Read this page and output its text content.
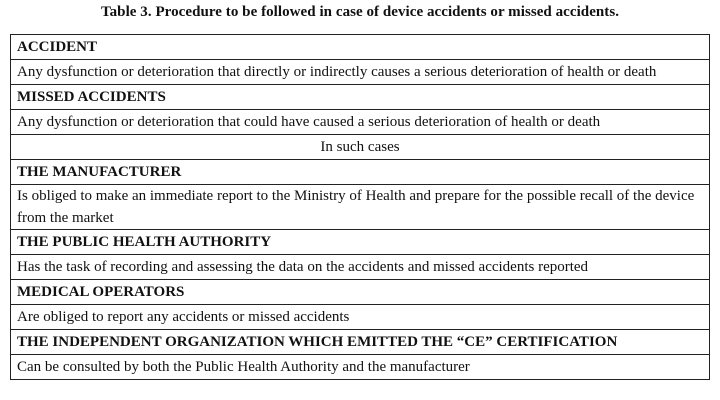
Table 3. Procedure to be followed in case of device accidents or missed accidents.
ACCIDENT
Any dysfunction or deterioration that directly or indirectly causes a serious deterioration of health or death
MISSED ACCIDENTS
Any dysfunction or deterioration that could have caused a serious deterioration of health or death
In such cases
THE MANUFACTURER
Is obliged to make an immediate report to the Ministry of Health and prepare for the possible recall of the device from the market
THE PUBLIC HEALTH AUTHORITY
Has the task of recording and assessing the data on the accidents and missed accidents reported
MEDICAL OPERATORS
Are obliged to report any accidents or missed accidents
THE INDEPENDENT ORGANIZATION WHICH EMITTED THE “CE” CERTIFICATION
Can be consulted by both the Public Health Authority and the manufacturer
